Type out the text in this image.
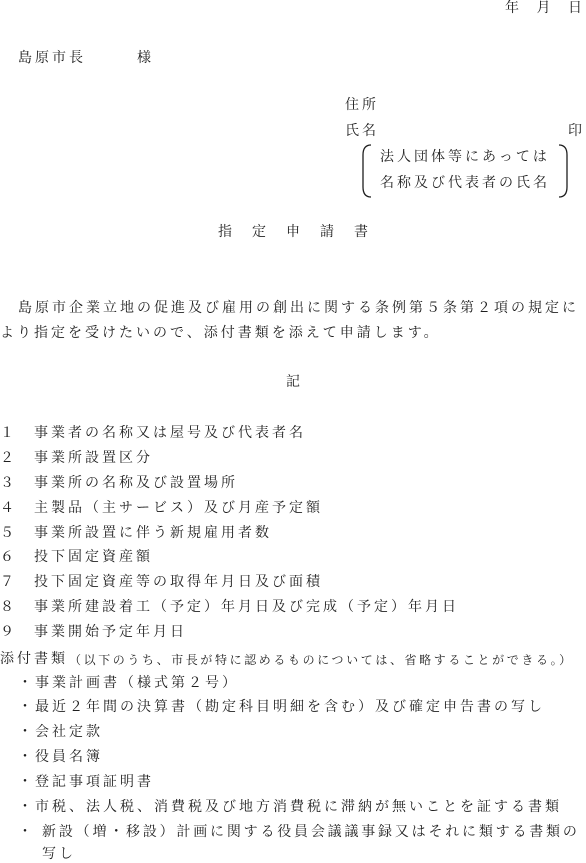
年　月　日
島原市長　　　様
住所
氏名	印
法人団体等にあっては
名称及び代表者の氏名
指　定　申　請　書
島原市企業立地の促進及び雇用の創出に関する条例第５条第２項の規定に
より指定を受けたいので、添付書類を添えて申請します。
記
１ 事業者の名称又は屋号及び代表者名
２ 事業所設置区分
３ 事業所の名称及び設置場所
４ 主製品（主サービス）及び月産予定額
５ 事業所設置に伴う新規雇用者数
６ 投下固定資産額
７ 投下固定資産等の取得年月日及び面積
８ 事業所建設着工（予定）年月日及び完成（予定）年月日
９ 事業開始予定年月日
添付書類 （以下のうち、市長が特に認めるものについては、省略することができる。）
・事業計画書（様式第２号）
・最近２年間の決算書（勘定科目明細を含む）及び確定申告書の写し
・会社定款
・役員名簿
・登記事項証明書
・市税、法人税、消費税及び地方消費税に滞納が無いことを証する書類
・ 新設（増・移設）計画に関する役員会議議事録又はそれに類する書類の
写し
